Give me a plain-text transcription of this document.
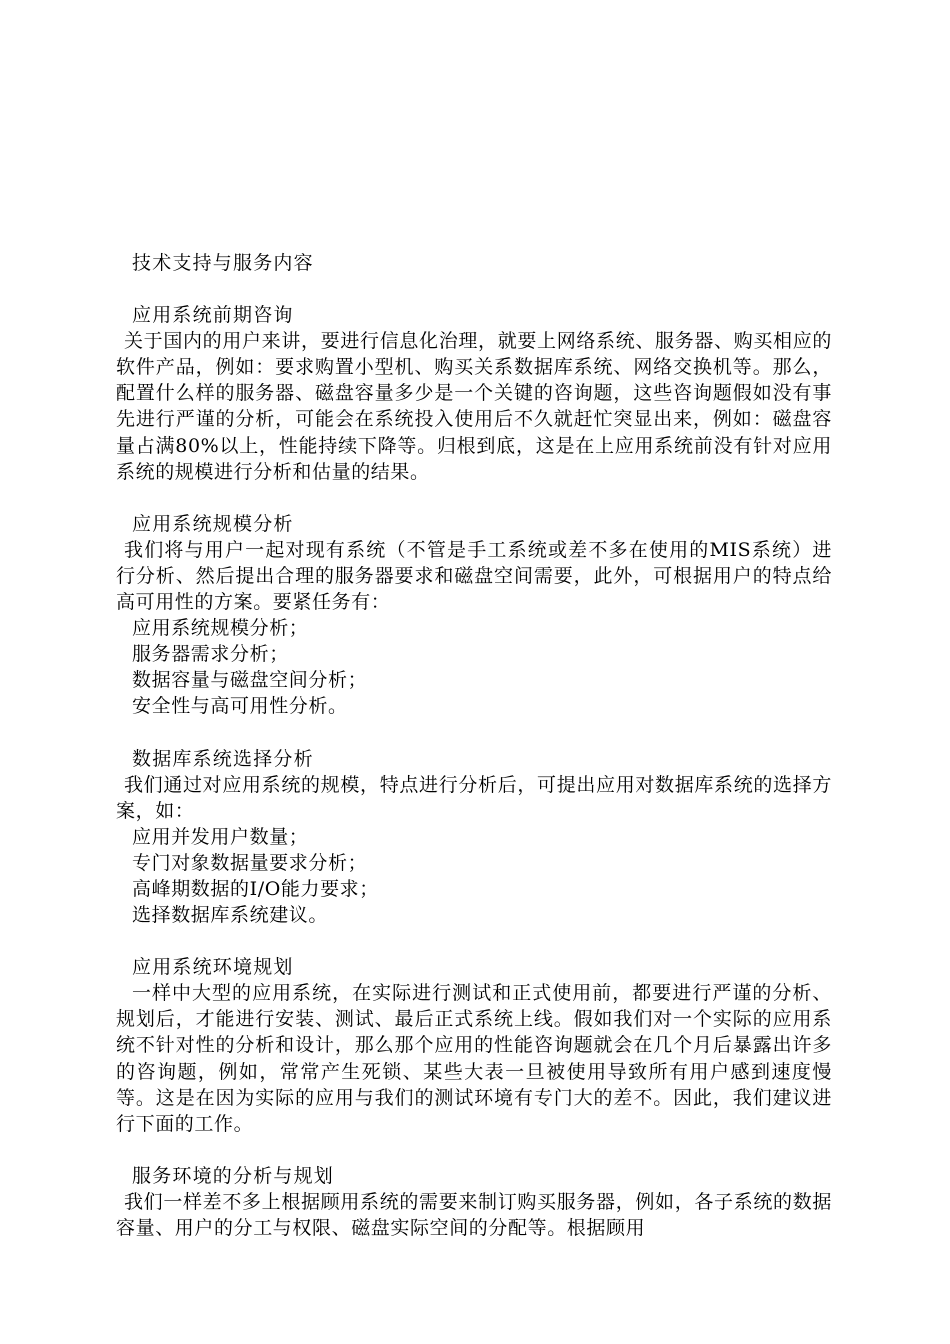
技术支持与服务内容
应用系统前期咨询
关于国内的用户来讲，要进行信息化治理，就要上网络系统、服务器、购买相应的软件产品，例如：要求购置小型机、购买关系数据库系统、网络交换机等。那么，配置什么样的服务器、磁盘容量多少是一个关键的咨询题，这些咨询题假如没有事先进行严谨的分析，可能会在系统投入使用后不久就赶忙突显出来，例如：磁盘容量占满80%以上，性能持续下降等。归根到底，这是在上应用系统前没有针对应用系统的规模进行分析和估量的结果。
应用系统规模分析
我们将与用户一起对现有系统（不管是手工系统或差不多在使用的MIS系统）进行分析、然后提出合理的服务器要求和磁盘空间需要，此外，可根据用户的特点给高可用性的方案。要紧任务有：
应用系统规模分析；
服务器需求分析；
数据容量与磁盘空间分析；
安全性与高可用性分析。
数据库系统选择分析
我们通过对应用系统的规模，特点进行分析后，可提出应用对数据库系统的选择方案，如：
应用并发用户数量；
专门对象数据量要求分析；
高峰期数据的I/O能力要求；
选择数据库系统建议。
应用系统环境规划
一样中大型的应用系统，在实际进行测试和正式使用前，都要进行严谨的分析、规划后，才能进行安装、测试、最后正式系统上线。假如我们对一个实际的应用系统不针对性的分析和设计，那么那个应用的性能咨询题就会在几个月后暴露出许多的咨询题，例如，常常产生死锁、某些大表一旦被使用导致所有用户感到速度慢等。这是在因为实际的应用与我们的测试环境有专门大的差不。因此，我们建议进行下面的工作。
服务环境的分析与规划
我们一样差不多上根据顾用系统的需要来制订购买服务器，例如，各子系统的数据容量、用户的分工与权限、磁盘实际空间的分配等。根据顾用
